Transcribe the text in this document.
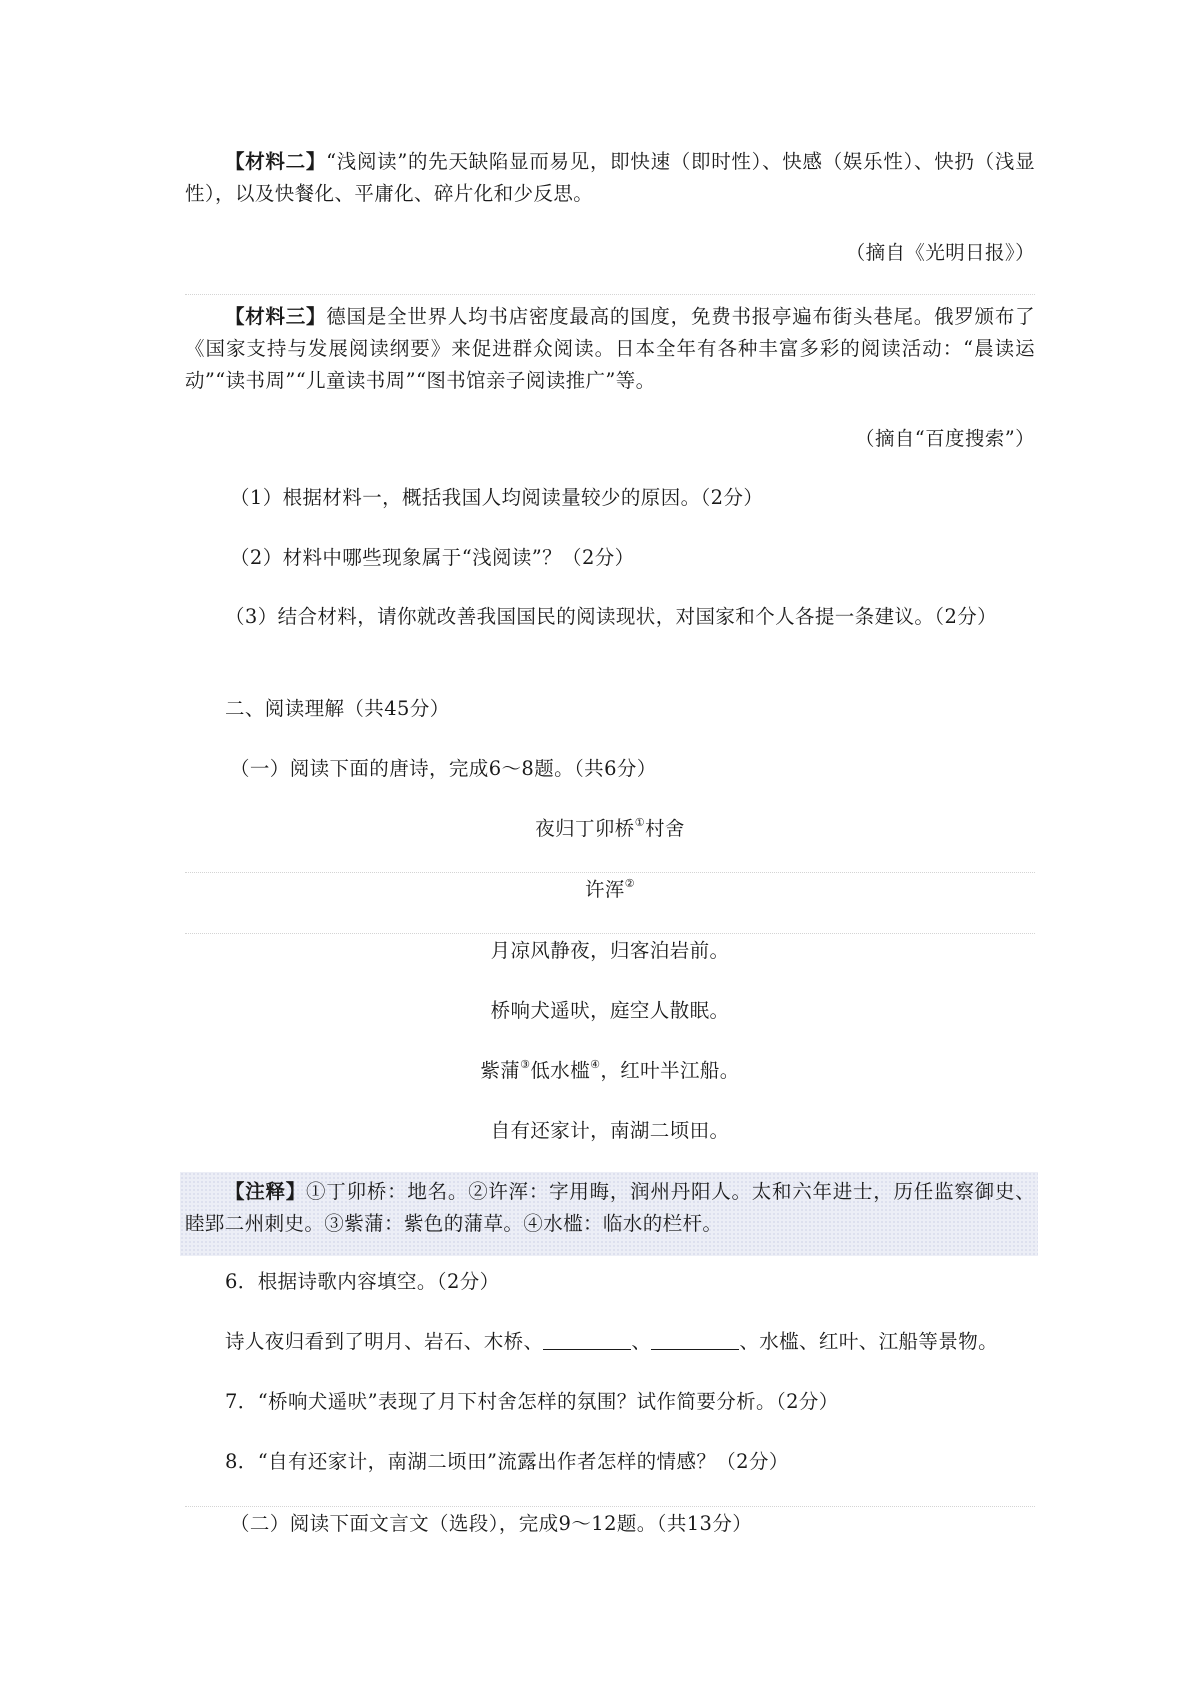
【材料二】“浅阅读”的先天缺陷显而易见，即快速（即时性）、快感（娱乐性）、快扔（浅显性），以及快餐化、平庸化、碎片化和少反思。
（摘自《光明日报》）
【材料三】德国是全世界人均书店密度最高的国度，免费书报亭遍布街头巷尾。俄罗颁布了《国家支持与发展阅读纲要》来促进群众阅读。日本全年有各种丰富多彩的阅读活动：“晨读运动”“读书周”“儿童读书周”“图书馆亲子阅读推广”等。
（摘自“百度搜索”）
（1）根据材料一，概括我国人均阅读量较少的原因。（2分）
（2）材料中哪些现象属于“浅阅读”？（2分）
（3）结合材料，请你就改善我国国民的阅读现状，对国家和个人各提一条建议。（2分）
二、阅读理解（共45分）
（一）阅读下面的唐诗，完成6～8题。（共6分）
夜归丁卯桥①村舍
许浑②
月凉风静夜，归客泊岩前。
桥响犬遥吠，庭空人散眠。
紫蒲③低水槛④，红叶半江船。
自有还家计，南湖二顷田。
【注释】①丁卯桥：地名。②许浑：字用晦，润州丹阳人。太和六年进士，历任监察御史、睦郢二州刺史。③紫蒲：紫色的蒲草。④水槛：临水的栏杆。
6．根据诗歌内容填空。（2分）
诗人夜归看到了明月、岩石、木桥、	、	、水槛、红叶、江船等景物。
7．“桥响犬遥吠”表现了月下村舍怎样的氛围？试作简要分析。（2分）
8．“自有还家计，南湖二顷田”流露出作者怎样的情感？（2分）
（二）阅读下面文言文（选段），完成9～12题。（共13分）
